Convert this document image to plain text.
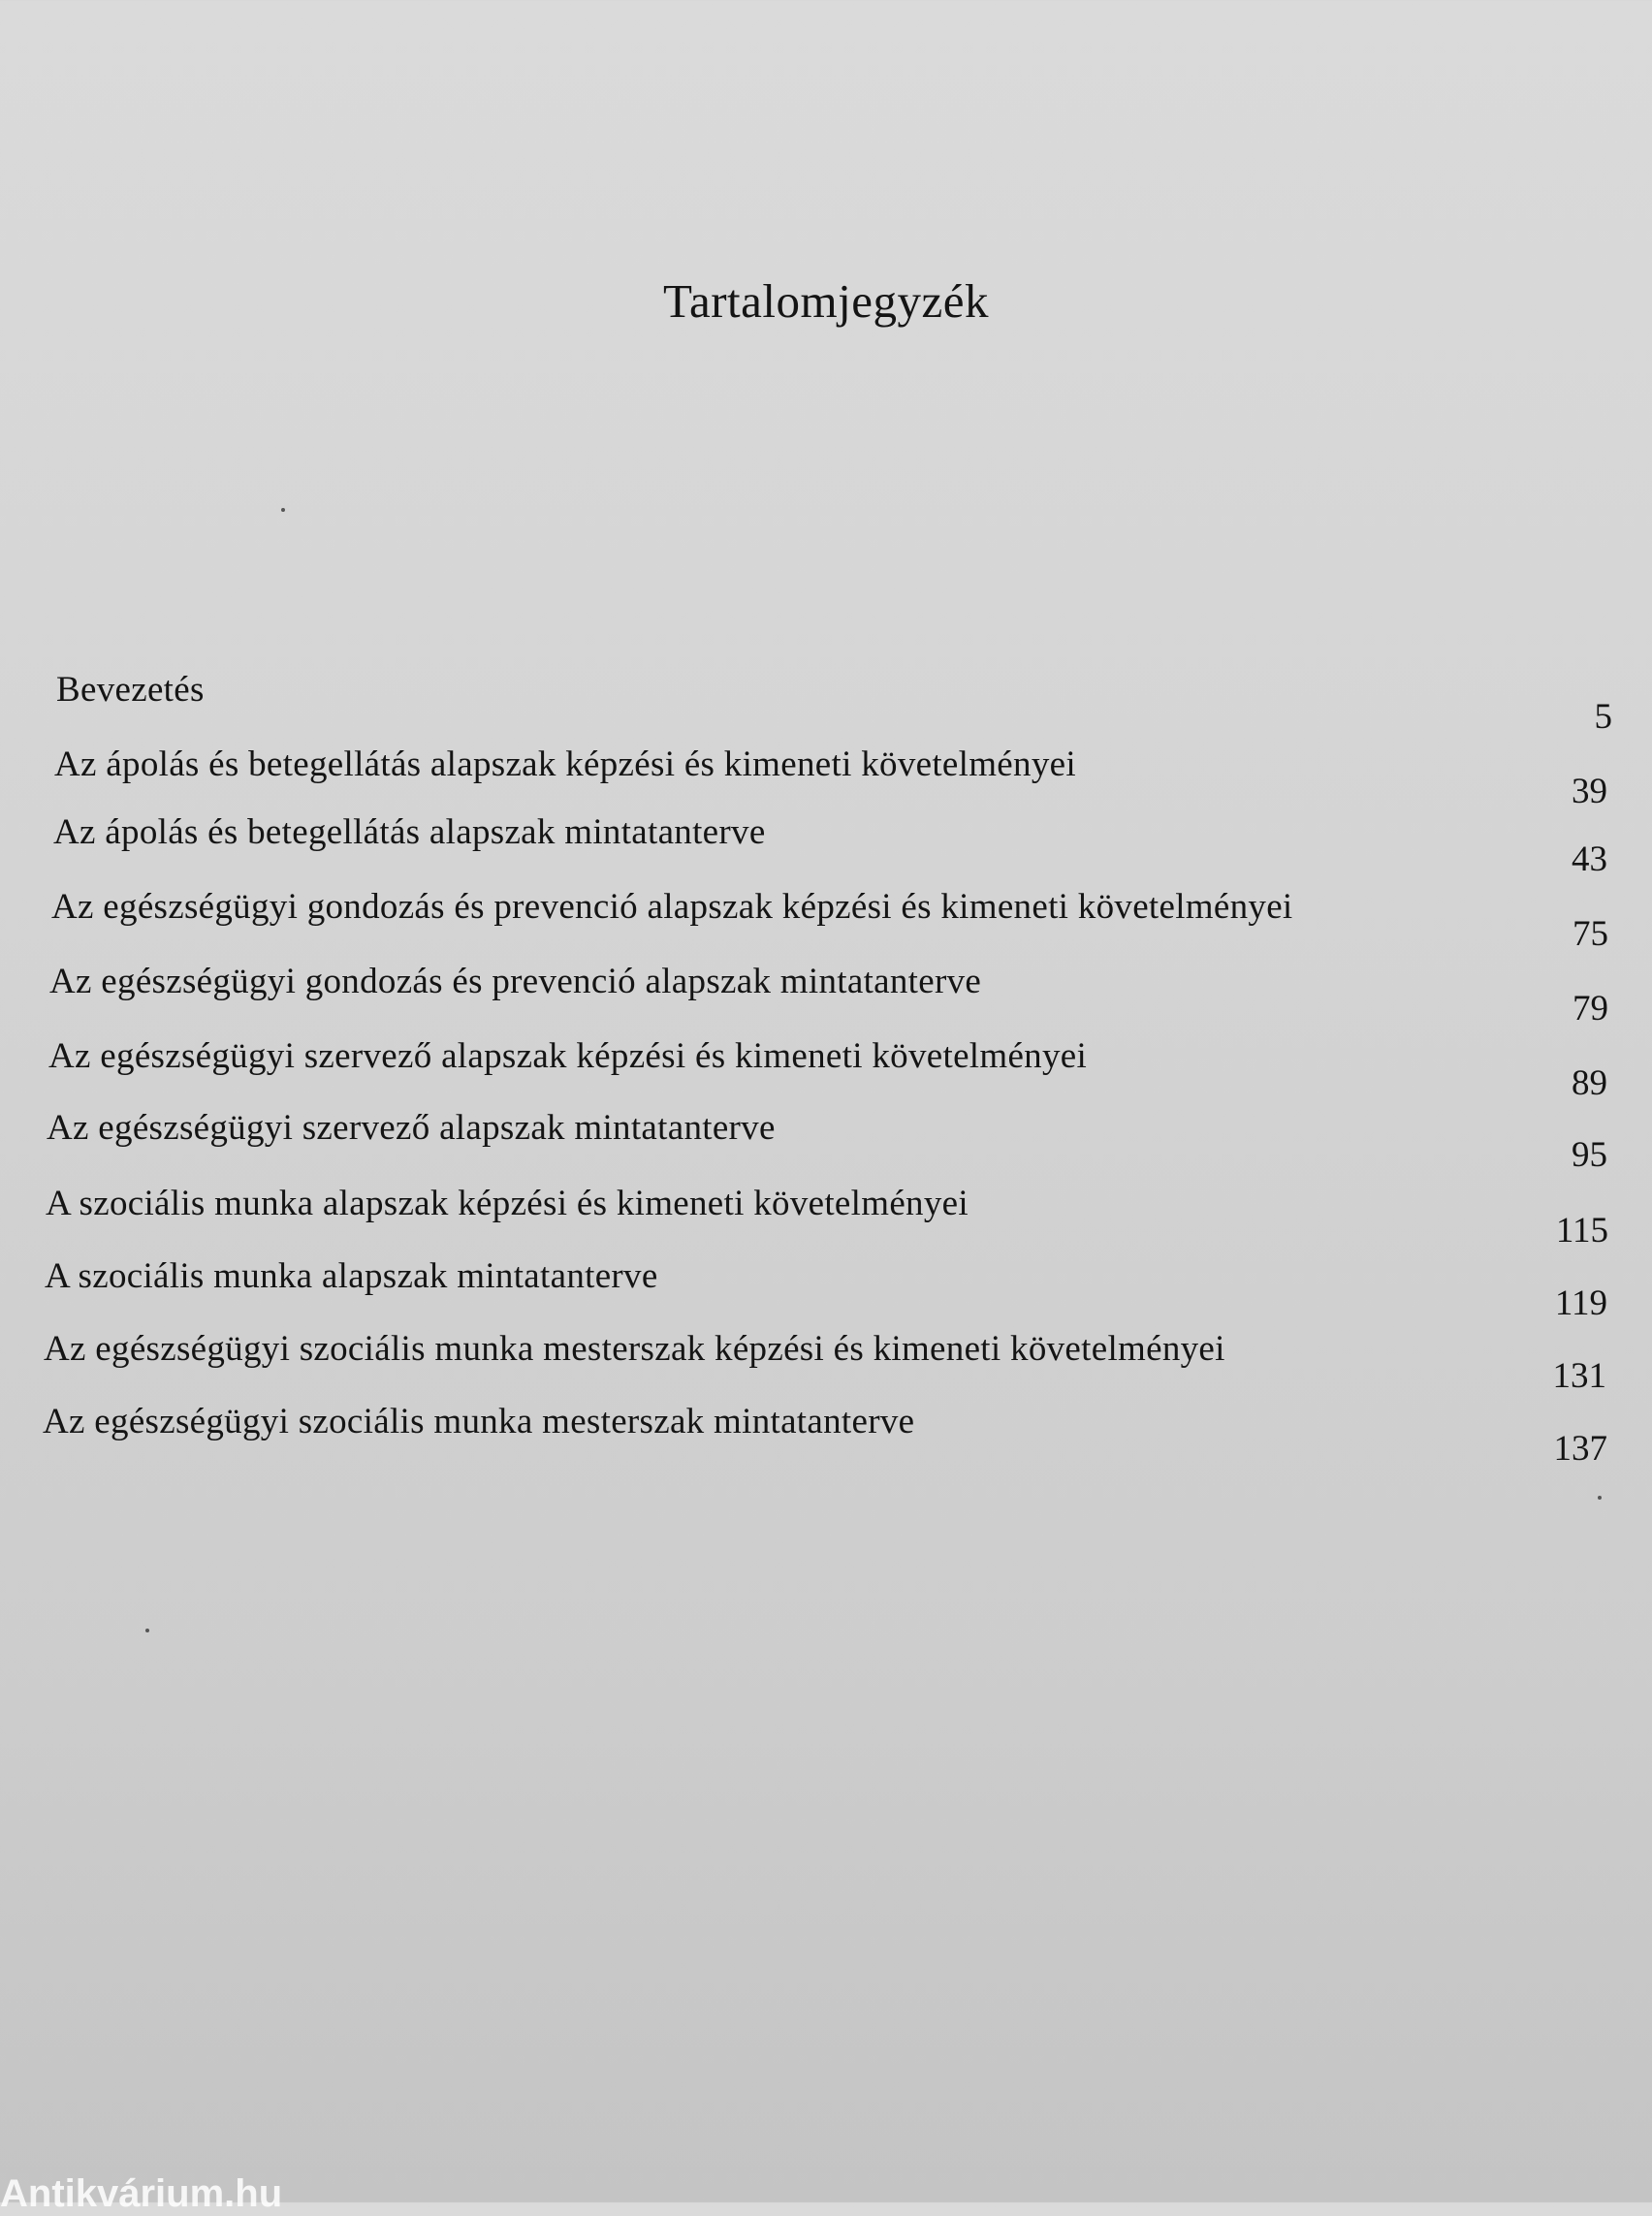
Tartalomjegyzék
Bevezetés
5
Az ápolás és betegellátás alapszak képzési és kimeneti követelményei
39
Az ápolás és betegellátás alapszak mintatanterve
43
Az egészségügyi gondozás és prevenció alapszak képzési és kimeneti követelményei
75
Az egészségügyi gondozás és prevenció alapszak mintatanterve
79
Az egészségügyi szervező alapszak képzési és kimeneti követelményei
89
Az egészségügyi szervező alapszak mintatanterve
95
A szociális munka alapszak képzési és kimeneti követelményei
115
A szociális munka alapszak mintatanterve
119
Az egészségügyi szociális munka mesterszak képzési és kimeneti követelményei
131
Az egészségügyi szociális munka mesterszak mintatanterve
137
Antikvárium.hu
